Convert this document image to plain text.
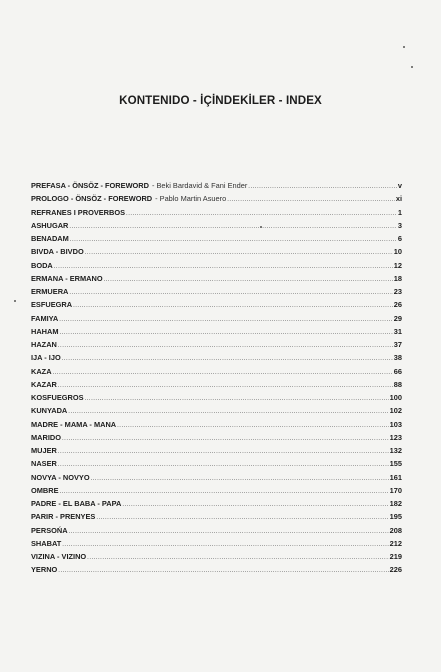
KONTENIDO - İÇİNDEKİLER - INDEX
PREFASA - ÖNSÖZ - FOREWORD - Beki Bardavid & Fani Ender .....	v
PROLOGO - ÖNSÖZ - FOREWORD - Pablo Martin Asuero .....	xi
REFRANES I PROVERBOS .....	1
ASHUGAR .....	3
BENADAM .....	6
BIVDA - BIVDO .....	10
BODA .....	12
ERMANA - ERMANO .....	18
ERMUERA .....	23
ESFUEGRA .....	26
FAMIYA .....	29
HAHAM .....	31
HAZAN .....	37
IJA - IJO .....	38
KAZA .....	66
KAZAR .....	88
KOSFUEGROS .....	100
KUNYADA .....	102
MADRE - MAMA - MANA .....	103
MARIDO .....	123
MUJER .....	132
NASER .....	155
NOVYA - NOVYO .....	161
OMBRE .....	170
PADRE - EL BABA - PAPA .....	182
PARIR - PRENYES .....	195
PERSOŃA .....	208
SHABAT .....	212
VIZINA - VIZINO .....	219
YERNO .....	226
